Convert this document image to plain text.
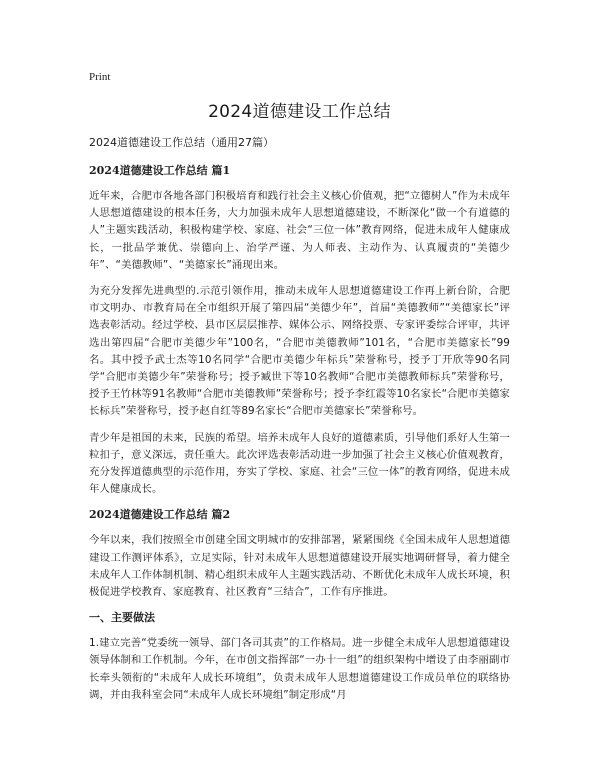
Print
2024道德建设工作总结
2024道德建设工作总结（通用27篇）
2024道德建设工作总结 篇1

近年来，合肥市各地各部门积极培育和践行社会主义核心价值观，把“立德树人”作为未成年人思想道德建设的根本任务，大力加强未成年人思想道德建设，不断深化“做一个有道德的人”主题实践活动，积极构建学校、家庭、社会“三位一体”教育网络，促进未成年人健康成长，一批品学兼优、崇德向上、治学严谨、为人师表、主动作为、认真履责的“美德少年”、“美德教师”、“美德家长”涌现出来。

为充分发挥先进典型的.示范引领作用，推动未成年人思想道德建设工作再上新台阶，合肥市文明办、市教育局在全市组织开展了第四届“美德少年”，首届“美德教师”“美德家长”评选表彰活动。经过学校、县市区层层推荐、媒体公示、网络投票、专家评委综合评审，共评选出第四届“合肥市美德少年”100名，“合肥市美德教师”101名，“合肥市美德家长”99名。其中授予武士杰等10名同学“合肥市美德少年标兵”荣誉称号，授予丁开欣等90名同学“合肥市美德少年”荣誉称号；授予臧世下等10名教师“合肥市美德教师标兵”荣誉称号，授予王竹林等91名教师“合肥市美德教师”荣誉称号；授予李红霞等10名家长“合肥市美德家长标兵”荣誉称号，授予赵自红等89名家长“合肥市美德家长”荣誉称号。

青少年是祖国的未来，民族的希望。培养未成年人良好的道德素质，引导他们系好人生第一粒扣子，意义深远，责任重大。此次评选表彰活动进一步加强了社会主义核心价值观教育，充分发挥道德典型的示范作用，夯实了学校、家庭、社会“三位一体”的教育网络，促进未成年人健康成长。

2024道德建设工作总结 篇2

今年以来，我们按照全市创建全国文明城市的安排部署，紧紧围绕《全国未成年人思想道德建设工作测评体系》，立足实际，针对未成年人思想道德建设开展实地调研督导，着力健全未成年人工作体制机制、精心组织未成年人主题实践活动、不断优化未成年人成长环境，积极促进学校教育、家庭教育、社区教育“三结合”，工作有序推进。

一、主要做法

1.建立完善“党委统一领导、部门各司其责”的工作格局。进一步健全未成年人思想道德建设领导体制和工作机制。今年，在市创文指挥部“一办十一组”的组织架构中增设了由李丽副市长牵头领衔的“未成年人成长环境组”，负责未成年人思想道德建设工作成员单位的联络协调，并由我科室会同“未成年人成长环境组”制定形成“月
